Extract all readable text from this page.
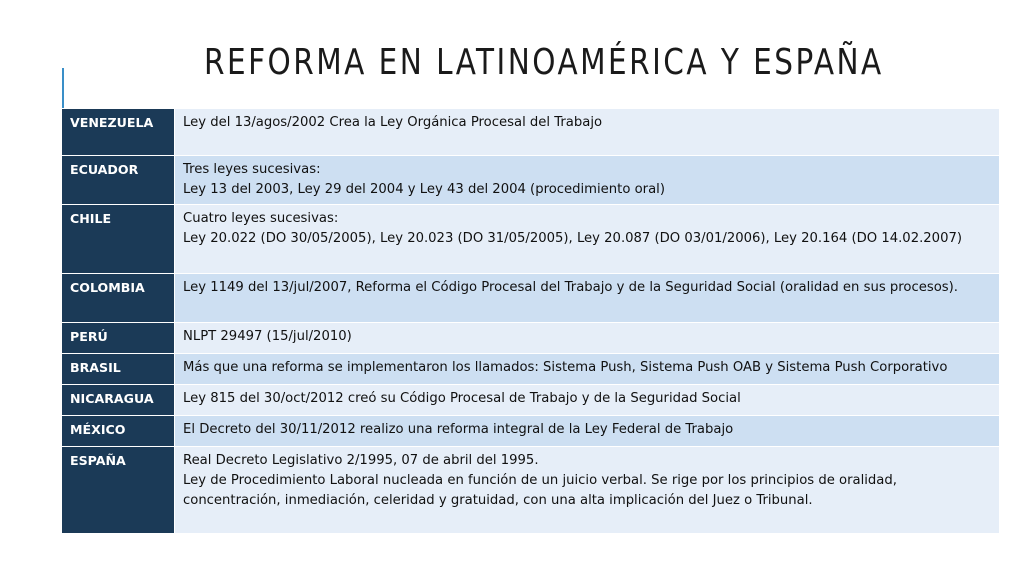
REFORMA EN LATINOAMÉRICA Y ESPAÑA
VENEZUELA	Ley del 13/agos/2002 Crea la Ley Orgánica Procesal del Trabajo

ECUADOR	Tres leyes sucesivas:
Ley 13 del 2003, Ley 29 del 2004 y Ley 43 del 2004 (procedimiento oral)

CHILE	Cuatro leyes sucesivas:
Ley 20.022 (DO 30/05/2005), Ley 20.023 (DO 31/05/2005), Ley 20.087 (DO 03/01/2006), Ley 20.164 (DO 14.02.2007)

COLOMBIA	Ley 1149 del 13/jul/2007, Reforma el Código Procesal del Trabajo y de la Seguridad Social (oralidad en sus procesos).

PERÚ	NLPT 29497 (15/jul/2010)

BRASIL	Más que una reforma se implementaron los llamados: Sistema Push, Sistema Push OAB y Sistema Push Corporativo

NICARAGUA	Ley 815 del 30/oct/2012 creó su Código Procesal de Trabajo y de la Seguridad Social

MÉXICO	El Decreto del 30/11/2012 realizo una reforma integral de la Ley Federal de Trabajo

ESPAÑA	Real Decreto Legislativo 2/1995, 07 de abril del 1995.
Ley de Procedimiento Laboral nucleada en función de un juicio verbal. Se rige por los principios de oralidad, concentración, inmediación, celeridad y gratuidad, con una alta implicación del Juez o Tribunal.
